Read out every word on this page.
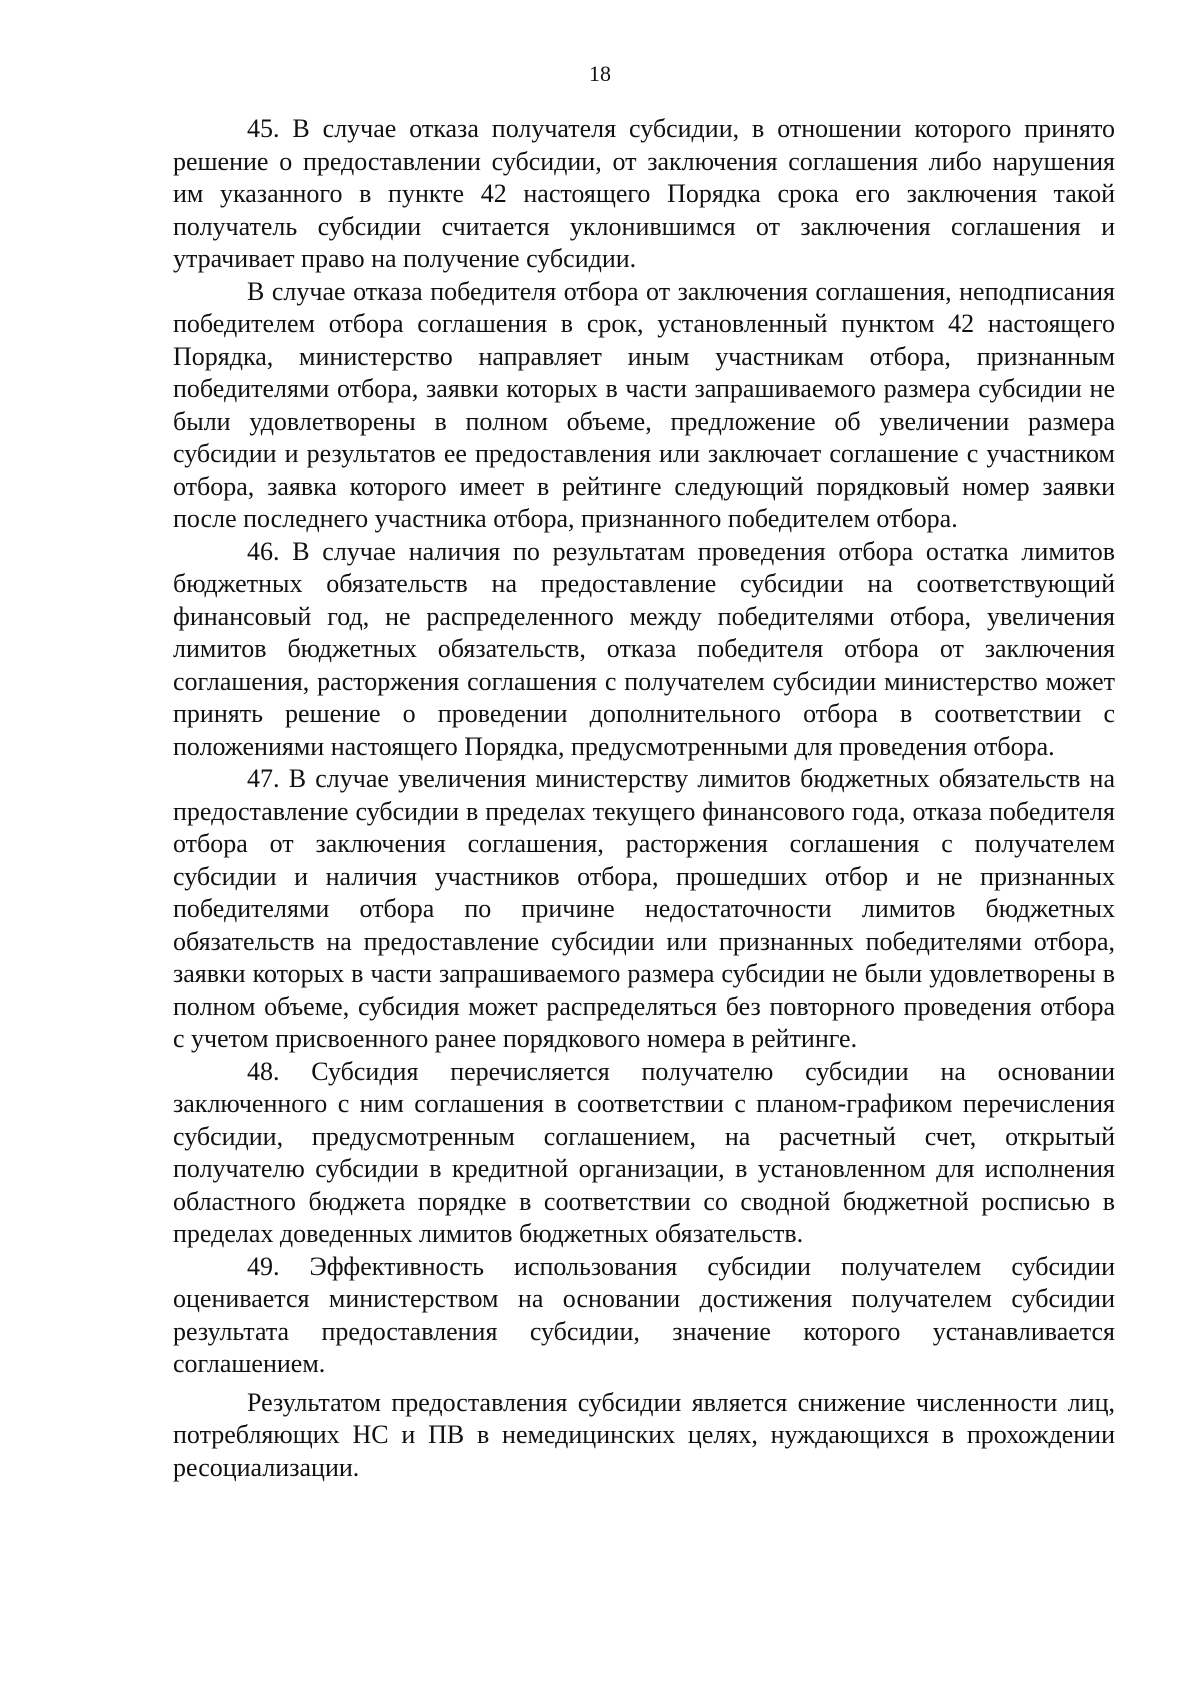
18

45. В случае отказа получателя субсидии, в отношении которого принято решение о предоставлении субсидии, от заключения соглашения либо нарушения им указанного в пункте 42 настоящего Порядка срока его заключения такой получатель субсидии считается уклонившимся от заключения соглашения и утрачивает право на получение субсидии.

В случае отказа победителя отбора от заключения соглашения, неподписания победителем отбора соглашения в срок, установленный пунктом 42 настоящего Порядка, министерство направляет иным участникам отбора, признанным победителями отбора, заявки которых в части запрашиваемого размера субсидии не были удовлетворены в полном объеме, предложение об увеличении размера субсидии и результатов ее предоставления или заключает соглашение с участником отбора, заявка которого имеет в рейтинге следующий порядковый номер заявки после последнего участника отбора, признанного победителем отбора.

46. В случае наличия по результатам проведения отбора остатка лимитов бюджетных обязательств на предоставление субсидии на соответствующий финансовый год, не распределенного между победителями отбора, увеличения лимитов бюджетных обязательств, отказа победителя отбора от заключения соглашения, расторжения соглашения с получателем субсидии министерство может принять решение о проведении дополнительного отбора в соответствии с положениями настоящего Порядка, предусмотренными для проведения отбора.

47. В случае увеличения министерству лимитов бюджетных обязательств на предоставление субсидии в пределах текущего финансового года, отказа победителя отбора от заключения соглашения, расторжения соглашения с получателем субсидии и наличия участников отбора, прошедших отбор и не признанных победителями отбора по причине недостаточности лимитов бюджетных обязательств на предоставление субсидии или признанных победителями отбора, заявки которых в части запрашиваемого размера субсидии не были удовлетворены в полном объеме, субсидия может распределяться без повторного проведения отбора с учетом присвоенного ранее порядкового номера в рейтинге.

48. Субсидия перечисляется получателю субсидии на основании заключенного с ним соглашения в соответствии с планом-графиком перечисления субсидии, предусмотренным соглашением, на расчетный счет, открытый получателю субсидии в кредитной организации, в установленном для исполнения областного бюджета порядке в соответствии со сводной бюджетной росписью в пределах доведенных лимитов бюджетных обязательств.

49. Эффективность использования субсидии получателем субсидии оценивается министерством на основании достижения получателем субсидии результата предоставления субсидии, значение которого устанавливается соглашением.

Результатом предоставления субсидии является снижение численности лиц, потребляющих НС и ПВ в немедицинских целях, нуждающихся в прохождении ресоциализации.
